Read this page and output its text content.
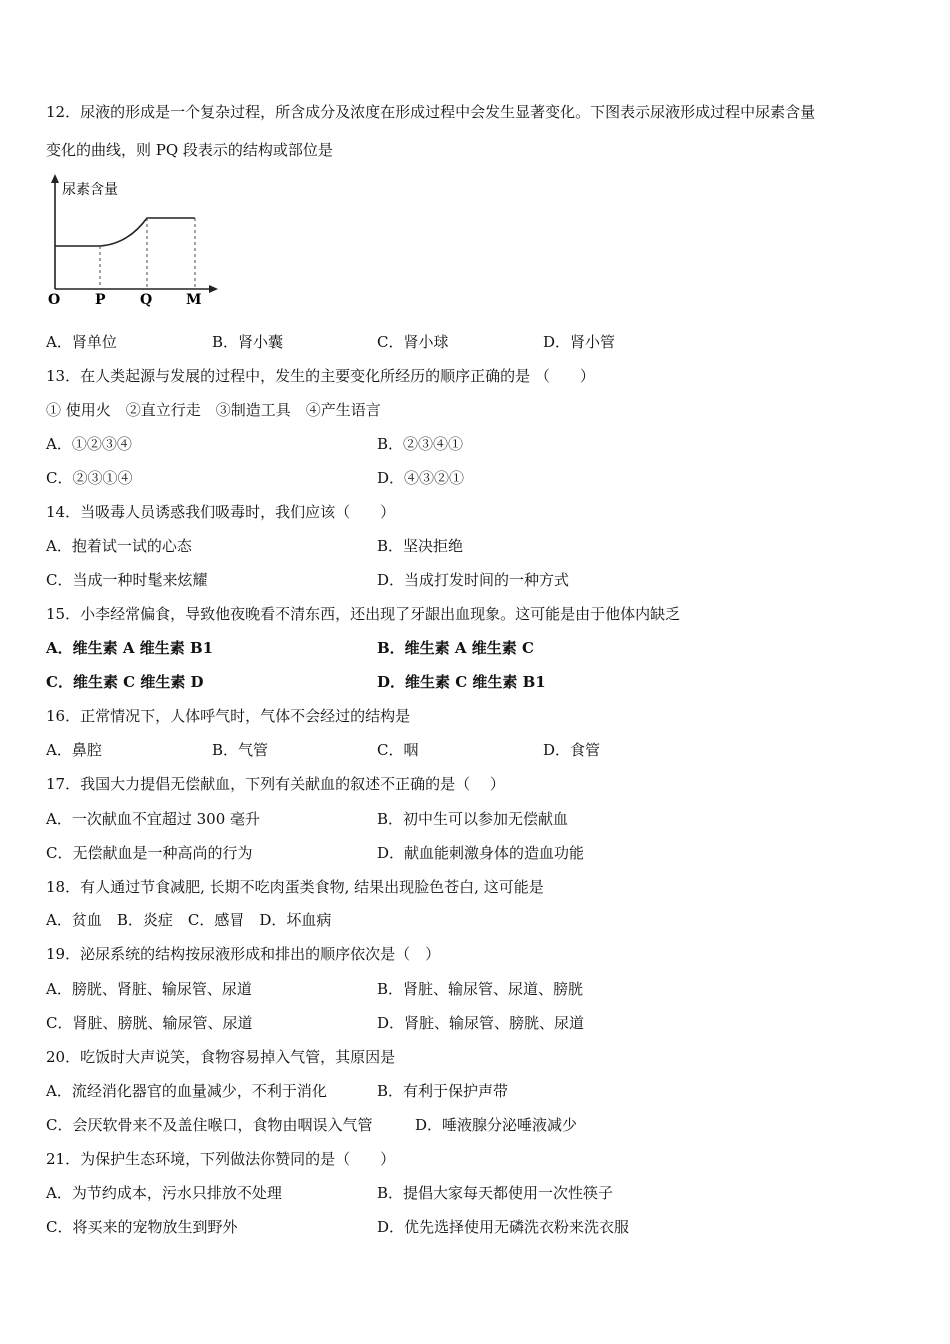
12．尿液的形成是一个复杂过程，所含成分及浓度在形成过程中会发生显著变化。下图表示尿液形成过程中尿素含量
变化的曲线，则 PQ 段表示的结构或部位是
尿素含量
O P Q M
A．肾单位	B．肾小囊	C．肾小球	D．肾小管
13．在人类起源与发展的过程中，发生的主要变化所经历的顺序正确的是 （　　）
① 使用火　②直立行走　③制造工具　④产生语言
A．①②③④	B．②③④①
C．②③①④	D．④③②①
14．当吸毒人员诱惑我们吸毒时，我们应该（　　）
A．抱着试一试的心态	B．坚决拒绝
C．当成一种时髦来炫耀	D．当成打发时间的一种方式
15．小李经常偏食，导致他夜晚看不清东西，还出现了牙龈出血现象。这可能是由于他体内缺乏
A．维生素 A 维生素 B1	B．维生素 A 维生素 C
C．维生素 C 维生素 D	D．维生素 C 维生素 B1
16．正常情况下，人体呼气时，气体不会经过的结构是
A．鼻腔	B．气管	C．咽	D．食管
17．我国大力提倡无偿献血，下列有关献血的叙述不正确的是（　 ）
A．一次献血不宜超过 300 毫升	B．初中生可以参加无偿献血
C．无偿献血是一种高尚的行为	D．献血能刺激身体的造血功能
18．有人通过节食减肥, 长期不吃肉蛋类食物, 结果出现脸色苍白, 这可能是
A．贫血　B．炎症　C．感冒　D．坏血病
19．泌尿系统的结构按尿液形成和排出的顺序依次是（　）
A．膀胱、肾脏、输尿管、尿道	B．肾脏、输尿管、尿道、膀胱
C．肾脏、膀胱、输尿管、尿道	D．肾脏、输尿管、膀胱、尿道
20．吃饭时大声说笑，食物容易掉入气管，其原因是
A．流经消化器官的血量减少，不利于消化	B．有利于保护声带
C．会厌软骨来不及盖住喉口，食物由咽误入气管	D．唾液腺分泌唾液减少
21．为保护生态环境，下列做法你赞同的是（　　）
A．为节约成本，污水只排放不处理	B．提倡大家每天都使用一次性筷子
C．将买来的宠物放生到野外	D．优先选择使用无磷洗衣粉来洗衣服
